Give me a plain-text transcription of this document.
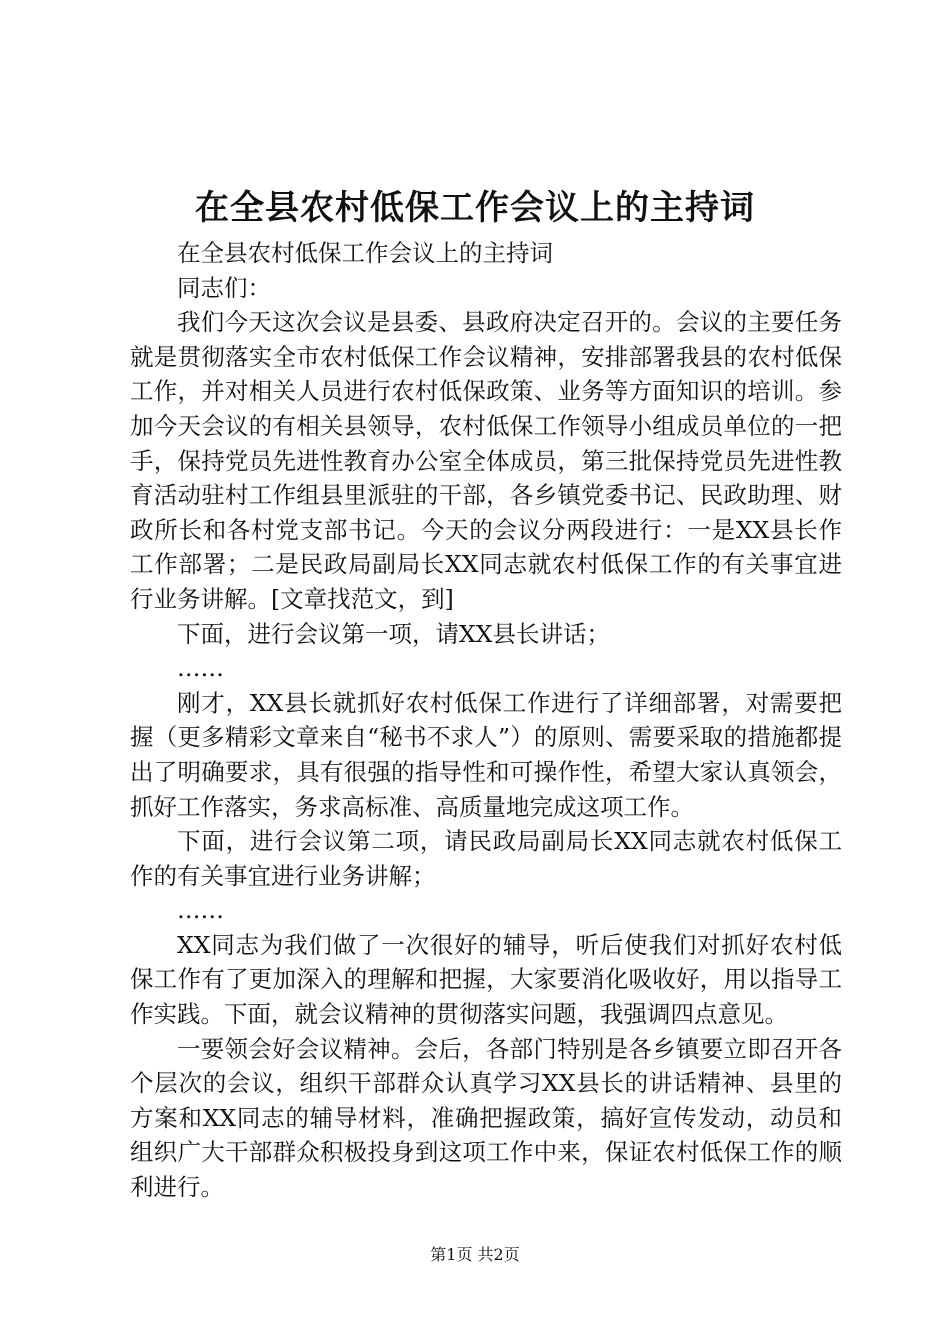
在全县农村低保工作会议上的主持词

在全县农村低保工作会议上的主持词

同志们：

我们今天这次会议是县委、县政府决定召开的。会议的主要任务就是贯彻落实全市农村低保工作会议精神，安排部署我县的农村低保工作，并对相关人员进行农村低保政策、业务等方面知识的培训。参加今天会议的有相关县领导，农村低保工作领导小组成员单位的一把手，保持党员先进性教育办公室全体成员，第三批保持党员先进性教育活动驻村工作组县里派驻的干部，各乡镇党委书记、民政助理、财政所长和各村党支部书记。今天的会议分两段进行：一是XX县长作工作部署；二是民政局副局长XX同志就农村低保工作的有关事宜进行业务讲解。[文章找范文，到]

下面，进行会议第一项，请XX县长讲话；

……

刚才，XX县长就抓好农村低保工作进行了详细部署，对需要把握（更多精彩文章来自“秘书不求人”）的原则、需要采取的措施都提出了明确要求，具有很强的指导性和可操作性，希望大家认真领会，抓好工作落实，务求高标准、高质量地完成这项工作。

下面，进行会议第二项，请民政局副局长XX同志就农村低保工作的有关事宜进行业务讲解；

……

XX同志为我们做了一次很好的辅导，听后使我们对抓好农村低保工作有了更加深入的理解和把握，大家要消化吸收好，用以指导工作实践。下面，就会议精神的贯彻落实问题，我强调四点意见。

一要领会好会议精神。会后，各部门特别是各乡镇要立即召开各个层次的会议，组织干部群众认真学习XX县长的讲话精神、县里的方案和XX同志的辅导材料，准确把握政策，搞好宣传发动，动员和组织广大干部群众积极投身到这项工作中来，保证农村低保工作的顺利进行。

第1页 共2页
